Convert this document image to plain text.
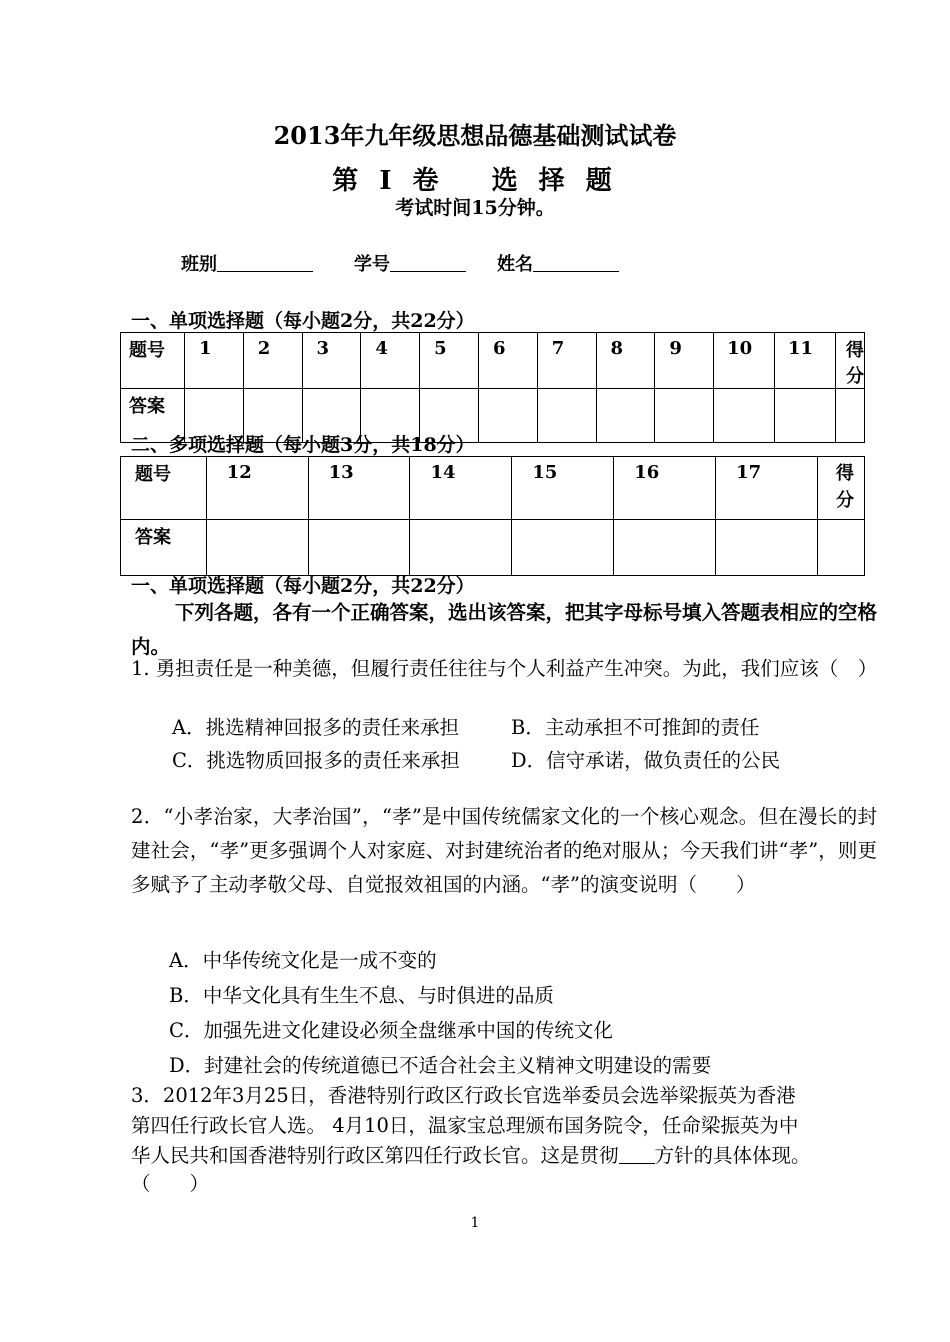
2013年九年级思想品德基础测试试卷
第 Ⅰ 卷　 选 择 题
考试时间15分钟。
班别	学号	姓名
一、单项选择题（每小题2分，共22分）
题号	1	2	3	4	5	6	7	8	9	10	11	得分
答案												
二、多项选择题（每小题3分，共18分）
题号	12	13	14	15	16	17	得　分
答案							
一、单项选择题（每小题2分，共22分）
下列各题，各有一个正确答案，选出该答案，把其字母标号填入答题表相应的空格内。
1. 勇担责任是一种美德，但履行责任往往与个人利益产生冲突。为此，我们应该（　）
A．挑选精神回报多的责任来承担	B．主动承担不可推卸的责任
C．挑选物质回报多的责任来承担	D．信守承诺，做负责任的公民
2．“小孝治家，大孝治国”，“孝”是中国传统儒家文化的一个核心观念。但在漫长的封建社会，“孝”更多强调个人对家庭、对封建统治者的绝对服从；今天我们讲“孝”，则更多赋予了主动孝敬父母、自觉报效祖国的内涵。“孝”的演变说明（　　）
A．中华传统文化是一成不变的
B．中华文化具有生生不息、与时俱进的品质
C．加强先进文化建设必须全盘继承中国的传统文化
D．封建社会的传统道德已不适合社会主义精神文明建设的需要
3．2012年3月25日，香港特别行政区行政长官选举委员会选举梁振英为香港
第四任行政长官人选。 4月10日，温家宝总理颁布国务院令，任命梁振英为中
华人民共和国香港特别行政区第四任行政长官。这是贯彻 方针的具体体现。
（　　）
1
